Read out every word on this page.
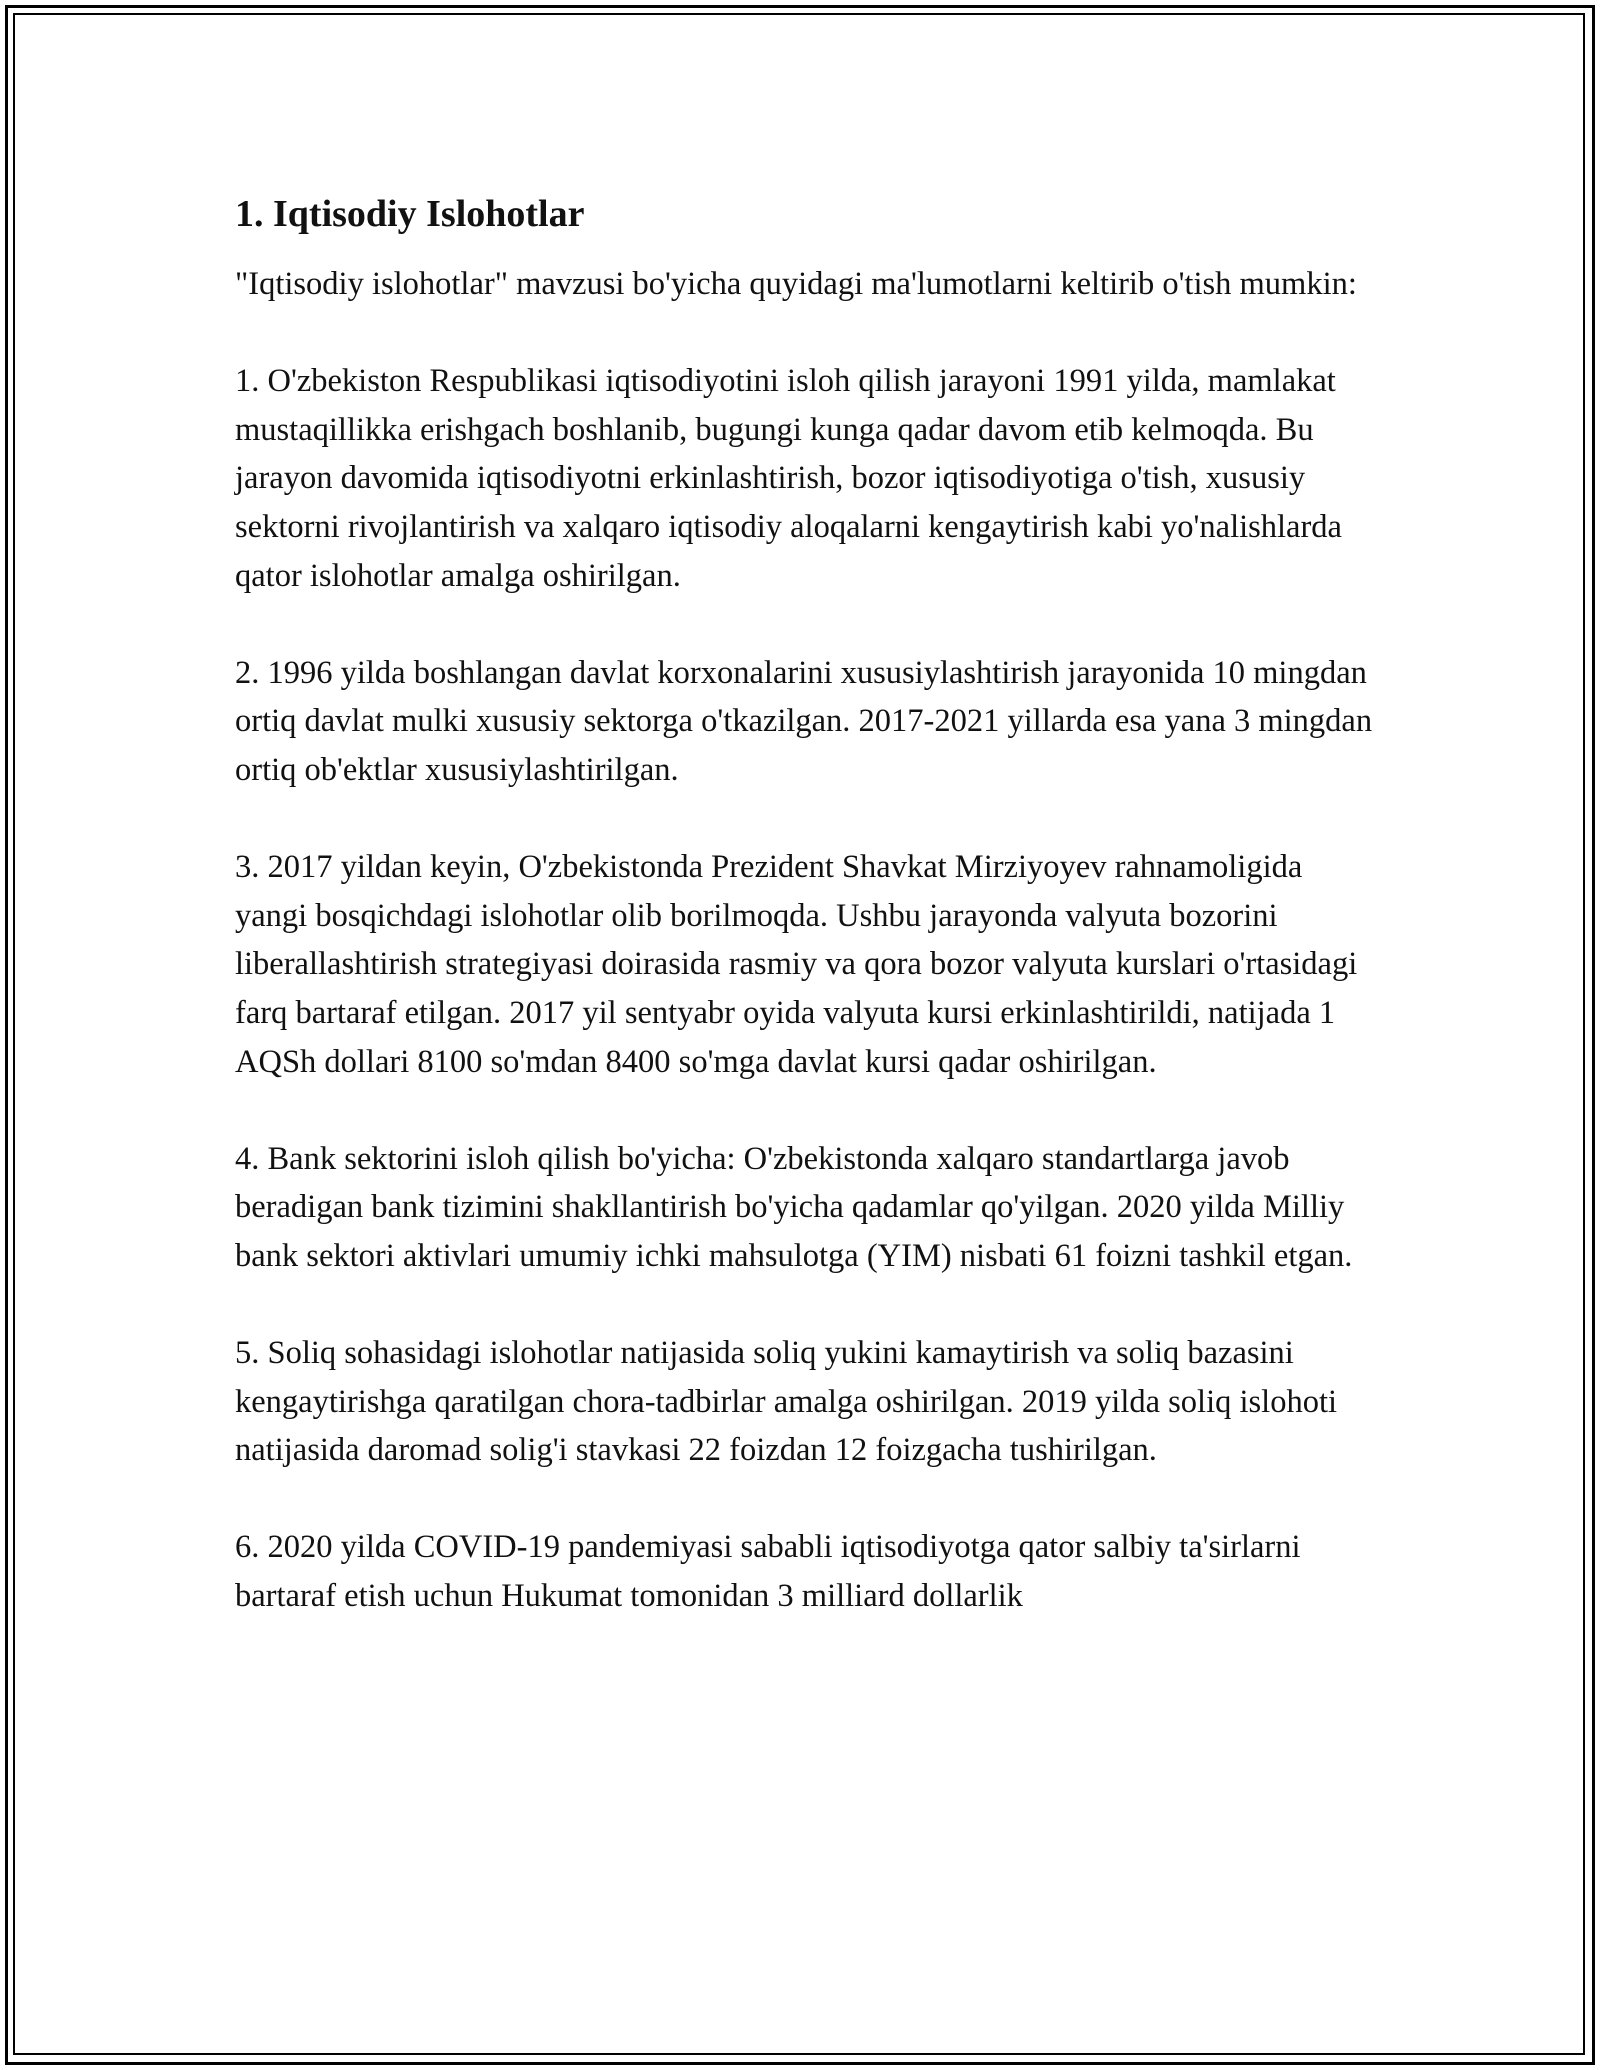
1. Iqtisodiy Islohotlar

"Iqtisodiy islohotlar" mavzusi bo'yicha quyidagi ma'lumotlarni keltirib o'tish mumkin:

1. O'zbekiston Respublikasi iqtisodiyotini isloh qilish jarayoni 1991 yilda, mamlakat mustaqillikka erishgach boshlanib, bugungi kunga qadar davom etib kelmoqda. Bu jarayon davomida iqtisodiyotni erkinlashtirish, bozor iqtisodiyotiga o'tish, xususiy sektorni rivojlantirish va xalqaro iqtisodiy aloqalarni kengaytirish kabi yo'nalishlarda qator islohotlar amalga oshirilgan.

2. 1996 yilda boshlangan davlat korxonalarini xususiylashtirish jarayonida 10 mingdan ortiq davlat mulki xususiy sektorga o'tkazilgan. 2017-2021 yillarda esa yana 3 mingdan ortiq ob'ektlar xususiylashtirilgan.

3. 2017 yildan keyin, O'zbekistonda Prezident Shavkat Mirziyoyev rahnamoligida yangi bosqichdagi islohotlar olib borilmoqda. Ushbu jarayonda valyuta bozorini liberallashtirish strategiyasi doirasida rasmiy va qora bozor valyuta kurslari o'rtasidagi farq bartaraf etilgan. 2017 yil sentyabr oyida valyuta kursi erkinlashtirildi, natijada 1 AQSh dollari 8100 so'mdan 8400 so'mga davlat kursi qadar oshirilgan.

4. Bank sektorini isloh qilish bo'yicha: O'zbekistonda xalqaro standartlarga javob beradigan bank tizimini shakllantirish bo'yicha qadamlar qo'yilgan. 2020 yilda Milliy bank sektori aktivlari umumiy ichki mahsulotga (YIM) nisbati 61 foizni tashkil etgan.

5. Soliq sohasidagi islohotlar natijasida soliq yukini kamaytirish va soliq bazasini kengaytirishga qaratilgan chora-tadbirlar amalga oshirilgan. 2019 yilda soliq islohoti natijasida daromad solig'i stavkasi 22 foizdan 12 foizgacha tushirilgan.

6. 2020 yilda COVID-19 pandemiyasi sababli iqtisodiyotga qator salbiy ta'sirlarni bartaraf etish uchun Hukumat tomonidan 3 milliard dollarlik
